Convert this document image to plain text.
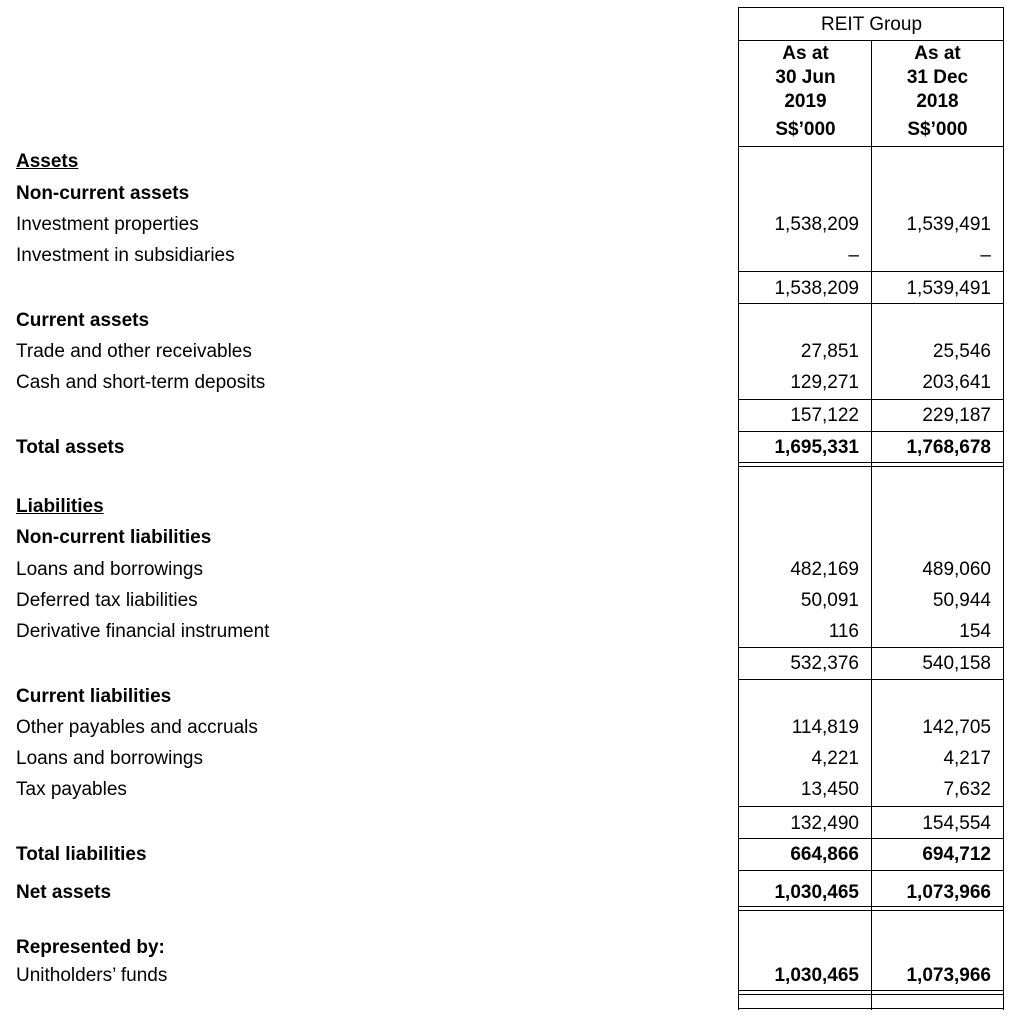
REIT Group
As at
30 Jun
2019
S$’000
As at
31 Dec
2018
S$’000
Assets
Non-current assets
Investment properties	1,538,209	1,539,491
Investment in subsidiaries	–	–
1,538,209	1,539,491
Current assets
Trade and other receivables	27,851	25,546
Cash and short-term deposits	129,271	203,641
157,122	229,187
Total assets	1,695,331	1,768,678
Liabilities
Non-current liabilities
Loans and borrowings	482,169	489,060
Deferred tax liabilities	50,091	50,944
Derivative financial instrument	116	154
532,376	540,158
Current liabilities
Other payables and accruals	114,819	142,705
Loans and borrowings	4,221	4,217
Tax payables	13,450	7,632
132,490	154,554
Total liabilities	664,866	694,712
Net assets	1,030,465	1,073,966
Represented by:
Unitholders’ funds	1,030,465	1,073,966
